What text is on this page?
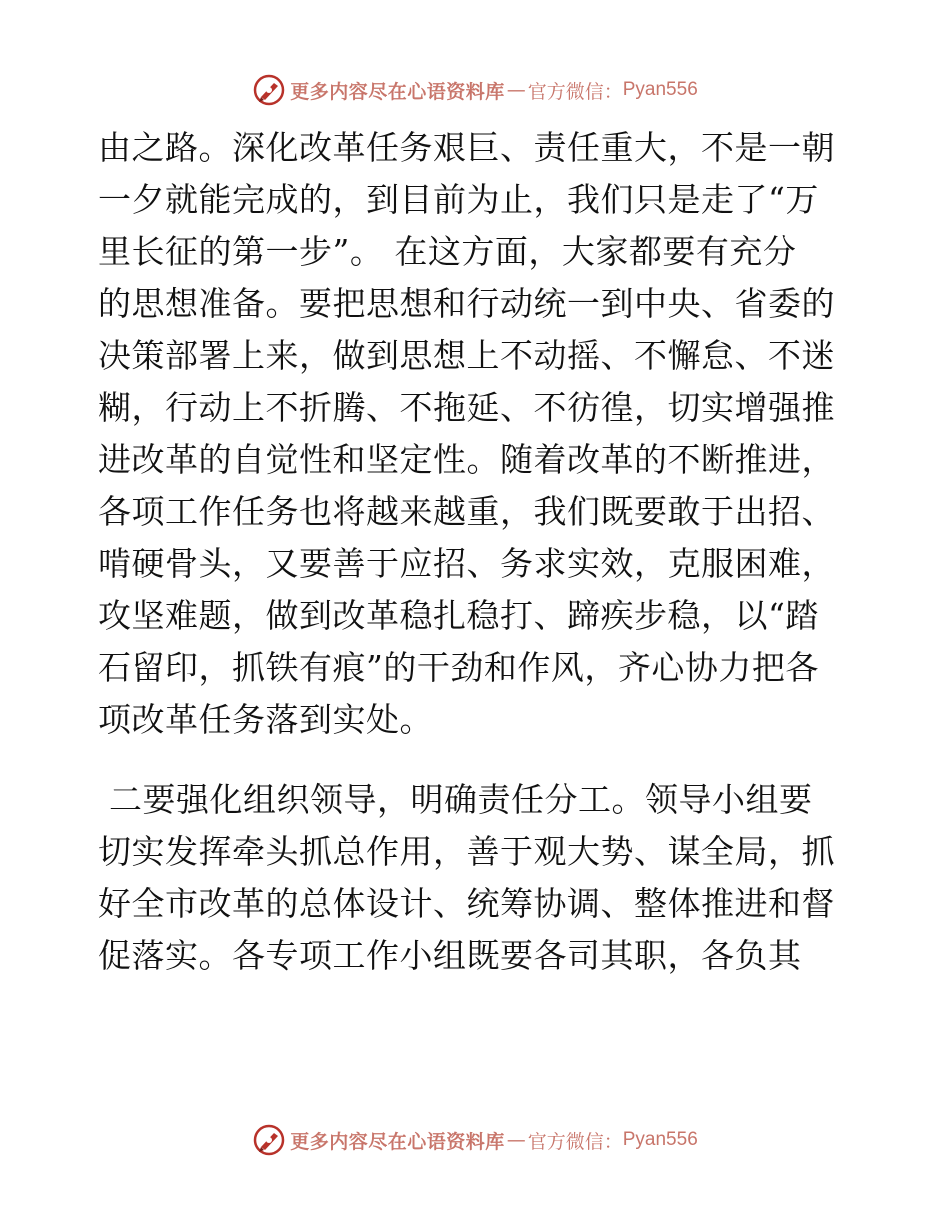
更多内容尽在心语资料库 — 官方微信： Pyan556
由之路。深化改革任务艰巨、责任重大，不是一朝
一夕就能完成的，到目前为止，我们只是走了“万
里长征的第一步”。 在这方面，大家都要有充分
的思想准备。要把思想和行动统一到中央、省委的
决策部署上来，做到思想上不动摇、不懈怠、不迷
糊，行动上不折腾、不拖延、不彷徨，切实增强推
进改革的自觉性和坚定性。随着改革的不断推进，
各项工作任务也将越来越重，我们既要敢于出招、
啃硬骨头，又要善于应招、务求实效，克服困难，
攻坚难题，做到改革稳扎稳打、蹄疾步稳，以“踏
石留印，抓铁有痕”的干劲和作风，齐心协力把各
项改革任务落到实处。
二要强化组织领导，明确责任分工。领导小组要
切实发挥牵头抓总作用，善于观大势、谋全局，抓
好全市改革的总体设计、统筹协调、整体推进和督
促落实。各专项工作小组既要各司其职，各负其
更多内容尽在心语资料库 — 官方微信： Pyan556
